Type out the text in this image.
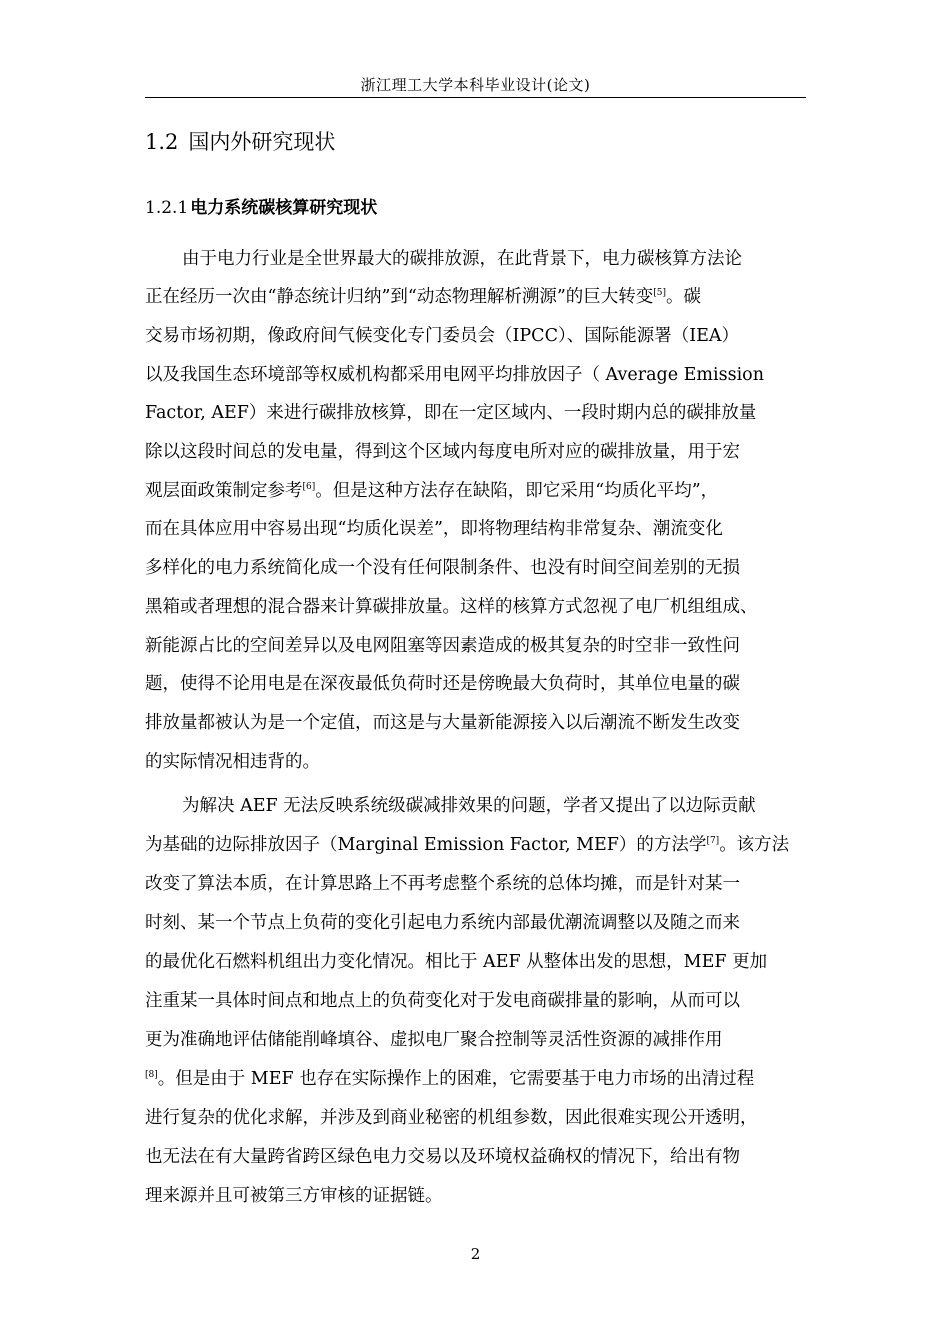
浙江理工大学本科毕业设计(论文)
1.2 国内外研究现状
1.2.1 电力系统碳核算研究现状
由于电力行业是全世界最大的碳排放源，在此背景下，电力碳核算方法论
正在经历一次由“静态统计归纳”到“动态物理解析溯源”的巨大转变[5]。碳
交易市场初期，像政府间气候变化专门委员会（IPCC）、国际能源署（IEA）
以及我国生态环境部等权威机构都采用电网平均排放因子（ Average Emission
Factor, AEF）来进行碳排放核算，即在一定区域内、一段时期内总的碳排放量
除以这段时间总的发电量，得到这个区域内每度电所对应的碳排放量，用于宏
观层面政策制定参考[6]。但是这种方法存在缺陷，即它采用“均质化平均”，
而在具体应用中容易出现“均质化误差”，即将物理结构非常复杂、潮流变化
多样化的电力系统简化成一个没有任何限制条件、也没有时间空间差别的无损
黑箱或者理想的混合器来计算碳排放量。这样的核算方式忽视了电厂机组组成、
新能源占比的空间差异以及电网阻塞等因素造成的极其复杂的时空非一致性问
题，使得不论用电是在深夜最低负荷时还是傍晚最大负荷时，其单位电量的碳
排放量都被认为是一个定值，而这是与大量新能源接入以后潮流不断发生改变
的实际情况相违背的。
为解决 AEF 无法反映系统级碳减排效果的问题，学者又提出了以边际贡献
为基础的边际排放因子（Marginal Emission Factor, MEF）的方法学[7]。该方法
改变了算法本质，在计算思路上不再考虑整个系统的总体均摊，而是针对某一
时刻、某一个节点上负荷的变化引起电力系统内部最优潮流调整以及随之而来
的最优化石燃料机组出力变化情况。相比于 AEF 从整体出发的思想，MEF 更加
注重某一具体时间点和地点上的负荷变化对于发电商碳排量的影响，从而可以
更为准确地评估储能削峰填谷、虚拟电厂聚合控制等灵活性资源的减排作用
[8]。但是由于 MEF 也存在实际操作上的困难，它需要基于电力市场的出清过程
进行复杂的优化求解，并涉及到商业秘密的机组参数，因此很难实现公开透明，
也无法在有大量跨省跨区绿色电力交易以及环境权益确权的情况下，给出有物
理来源并且可被第三方审核的证据链。
2
